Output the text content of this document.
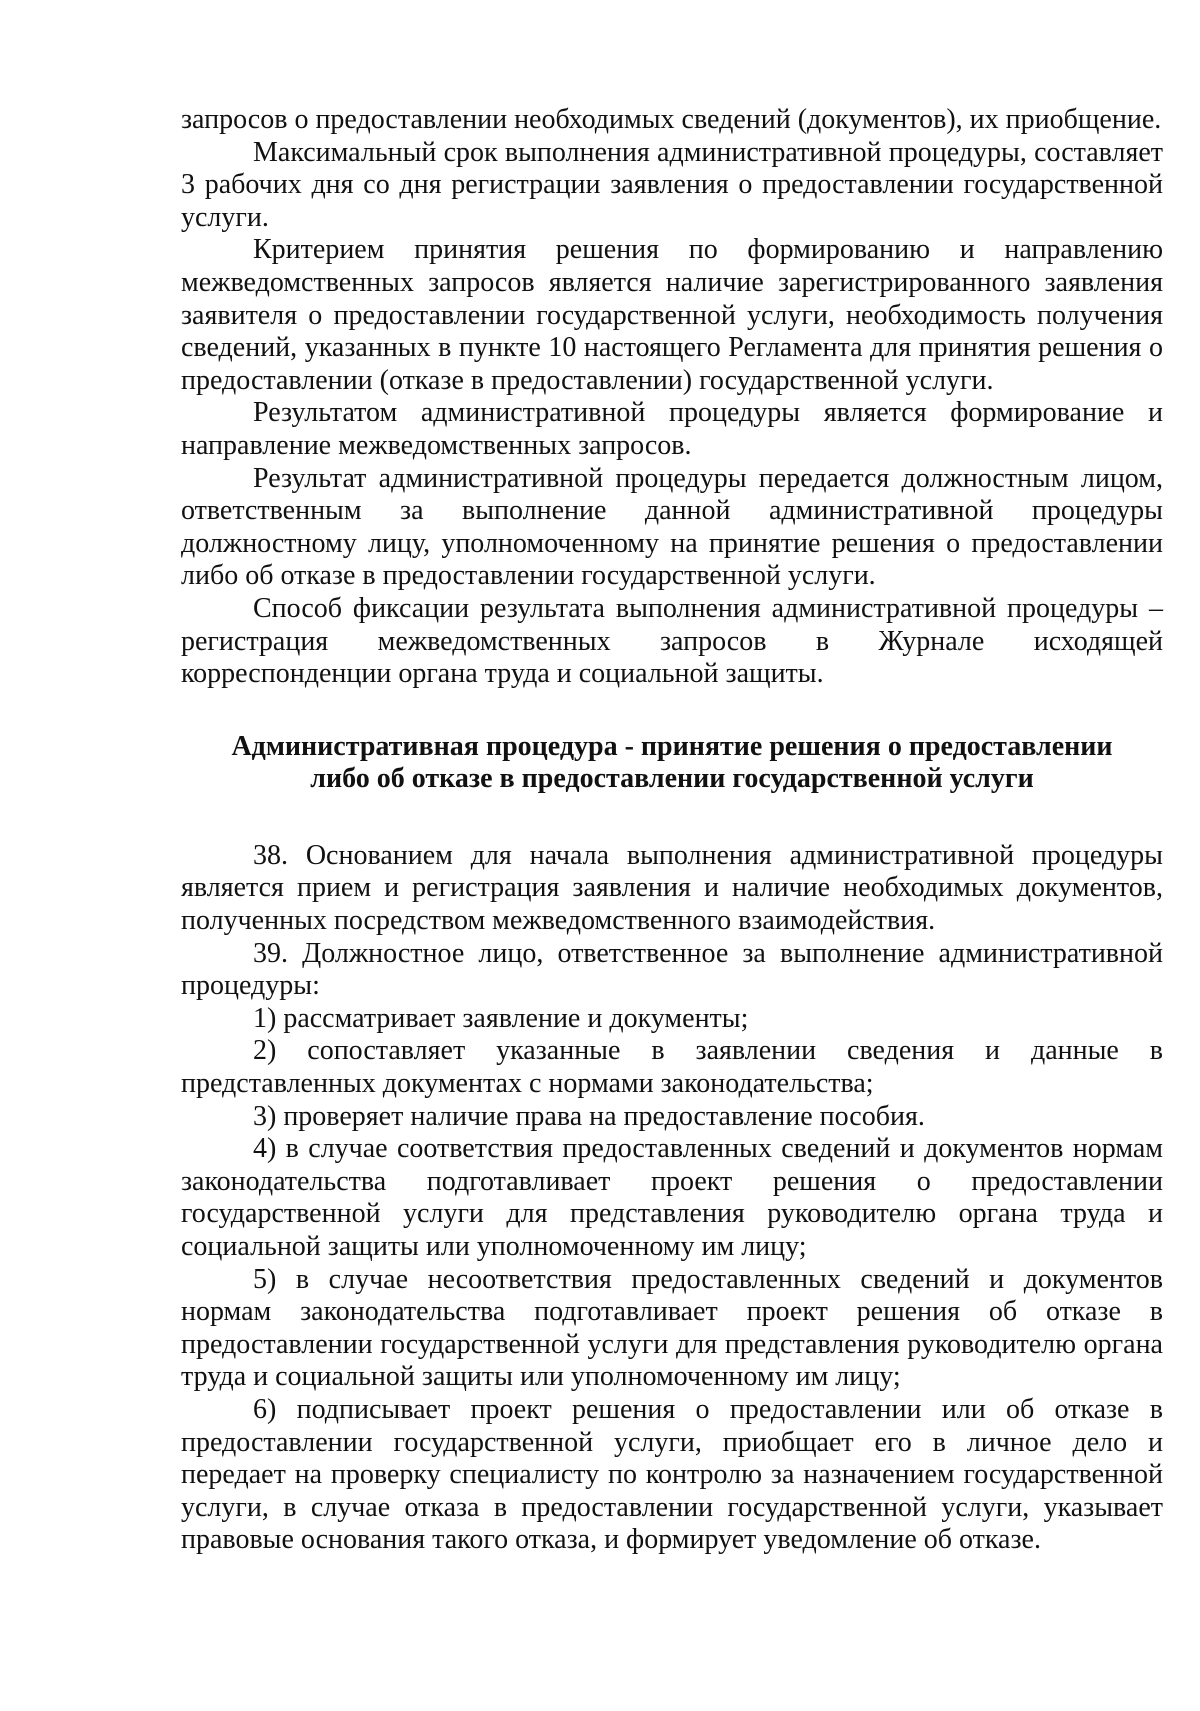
запросов о предоставлении необходимых сведений (документов), их приобщение.

Максимальный срок выполнения административной процедуры, составляет 3 рабочих дня со дня регистрации заявления о предоставлении государственной услуги.

Критерием принятия решения по формированию и направлению межведомственных запросов является наличие зарегистрированного заявления заявителя о предоставлении государственной услуги, необходимость получения сведений, указанных в пункте 10 настоящего Регламента для принятия решения о предоставлении (отказе в предоставлении) государственной услуги.

Результатом административной процедуры является формирование и направление межведомственных запросов.

Результат административной процедуры передается должностным лицом, ответственным за выполнение данной административной процедуры должностному лицу, уполномоченному на принятие решения о предоставлении либо об отказе в предоставлении государственной услуги.

Способ фиксации результата выполнения административной процедуры – регистрация межведомственных запросов в Журнале исходящей корреспонденции органа труда и социальной защиты.

Административная процедура - принятие решения о предоставлении
либо об отказе в предоставлении государственной услуги

38. Основанием для начала выполнения административной процедуры является прием и регистрация заявления и наличие необходимых документов, полученных посредством межведомственного взаимодействия.

39. Должностное лицо, ответственное за выполнение административной процедуры:

1) рассматривает заявление и документы;

2) сопоставляет указанные в заявлении сведения и данные в представленных документах с нормами законодательства;

3) проверяет наличие права на предоставление пособия.

4) в случае соответствия предоставленных сведений и документов нормам законодательства подготавливает проект решения о предоставлении государственной услуги для представления руководителю органа труда и социальной защиты или уполномоченному им лицу;

5) в случае несоответствия предоставленных сведений и документов нормам законодательства подготавливает проект решения об отказе в предоставлении государственной услуги для представления руководителю органа труда и социальной защиты или уполномоченному им лицу;

6) подписывает проект решения о предоставлении или об отказе в предоставлении государственной услуги, приобщает его в личное дело и передает на проверку специалисту по контролю за назначением государственной услуги, в случае отказа в предоставлении государственной услуги, указывает правовые основания такого отказа, и формирует уведомление об отказе.
